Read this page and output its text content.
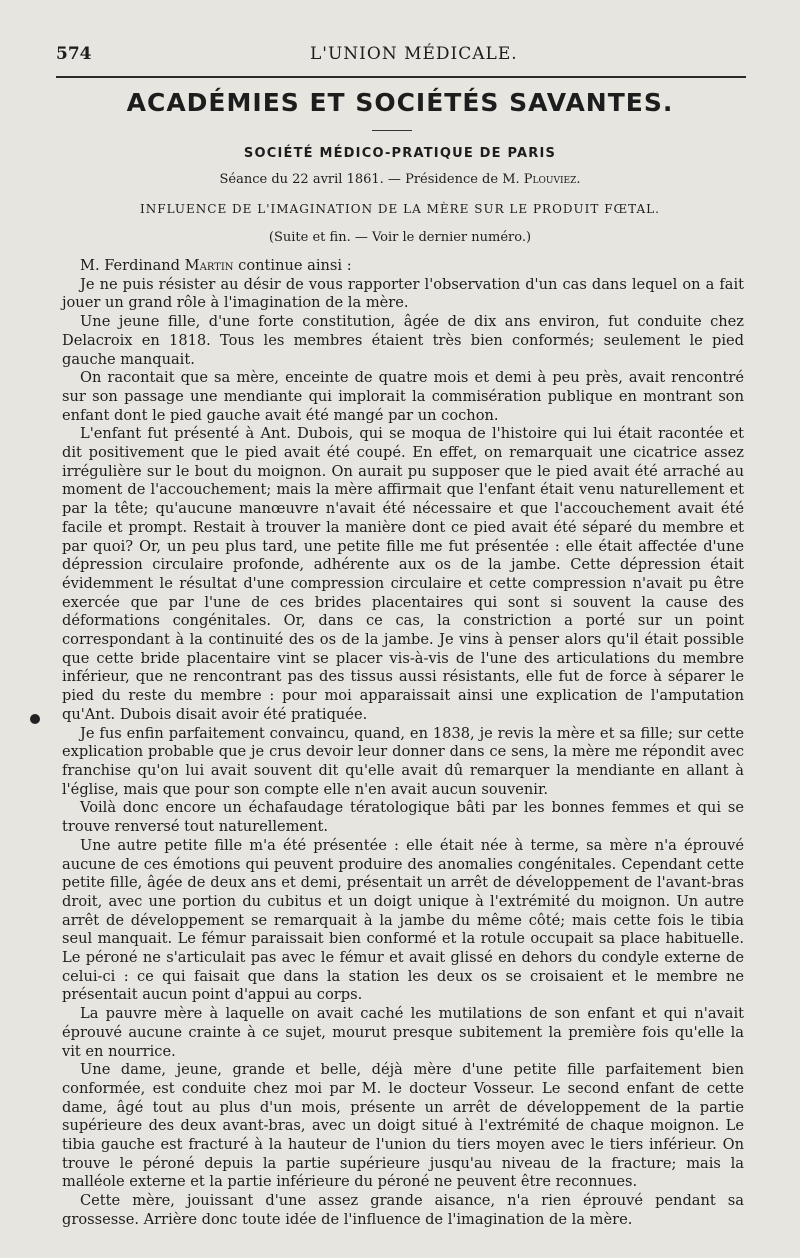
574	L'UNION MÉDICALE.
ACADÉMIES ET SOCIÉTÉS SAVANTES.
SOCIÉTÉ MÉDICO-PRATIQUE DE PARIS
Séance du 22 avril 1861. — Présidence de M. Plouviez.
INFLUENCE DE L'IMAGINATION DE LA MÈRE SUR LE PRODUIT FŒTAL.
(Suite et fin. — Voir le dernier numéro.)

M. Ferdinand Martin continue ainsi :

Je ne puis résister au désir de vous rapporter l'observation d'un cas dans lequel on a fait jouer un grand rôle à l'imagination de la mère.

Une jeune fille, d'une forte constitution, âgée de dix ans environ, fut conduite chez Delacroix en 1818. Tous les membres étaient très bien conformés; seulement le pied gauche manquait.

On racontait que sa mère, enceinte de quatre mois et demi à peu près, avait rencontré sur son passage une mendiante qui implorait la commisération publique en montrant son enfant dont le pied gauche avait été mangé par un cochon.

L'enfant fut présenté à Ant. Dubois, qui se moqua de l'histoire qui lui était racontée et dit positivement que le pied avait été coupé. En effet, on remarquait une cicatrice assez irrégulière sur le bout du moignon. On aurait pu supposer que le pied avait été arraché au moment de l'accouchement; mais la mère affirmait que l'enfant était venu naturellement et par la tête; qu'aucune manœuvre n'avait été nécessaire et que l'accouchement avait été facile et prompt. Restait à trouver la manière dont ce pied avait été séparé du membre et par quoi? Or, un peu plus tard, une petite fille me fut présentée : elle était affectée d'une dépression circulaire profonde, adhérente aux os de la jambe. Cette dépression était évidemment le résultat d'une compression circulaire et cette compression n'avait pu être exercée que par l'une de ces brides placentaires qui sont si souvent la cause des déformations congénitales. Or, dans ce cas, la constriction a porté sur un point correspondant à la continuité des os de la jambe. Je vins à penser alors qu'il était possible que cette bride placentaire vint se placer vis-à-vis de l'une des articulations du membre inférieur, que ne rencontrant pas des tissus aussi résistants, elle fut de force à séparer le pied du reste du membre : pour moi apparaissait ainsi une explication de l'amputation qu'Ant. Dubois disait avoir été pratiquée.

Je fus enfin parfaitement convaincu, quand, en 1838, je revis la mère et sa fille; sur cette explication probable que je crus devoir leur donner dans ce sens, la mère me répondit avec franchise qu'on lui avait souvent dit qu'elle avait dû remarquer la mendiante en allant à l'église, mais que pour son compte elle n'en avait aucun souvenir.

Voilà donc encore un échafaudage tératologique bâti par les bonnes femmes et qui se trouve renversé tout naturellement.

Une autre petite fille m'a été présentée : elle était née à terme, sa mère n'a éprouvé aucune de ces émotions qui peuvent produire des anomalies congénitales. Cependant cette petite fille, âgée de deux ans et demi, présentait un arrêt de développement de l'avant-bras droit, avec une portion du cubitus et un doigt unique à l'extrémité du moignon. Un autre arrêt de développement se remarquait à la jambe du même côté; mais cette fois le tibia seul manquait. Le fémur paraissait bien conformé et la rotule occupait sa place habituelle. Le péroné ne s'articulait pas avec le fémur et avait glissé en dehors du condyle externe de celui-ci : ce qui faisait que dans la station les deux os se croisaient et le membre ne présentait aucun point d'appui au corps.

La pauvre mère à laquelle on avait caché les mutilations de son enfant et qui n'avait éprouvé aucune crainte à ce sujet, mourut presque subitement la première fois qu'elle la vit en nourrice.

Une dame, jeune, grande et belle, déjà mère d'une petite fille parfaitement bien conformée, est conduite chez moi par M. le docteur Vosseur. Le second enfant de cette dame, âgé tout au plus d'un mois, présente un arrêt de développement de la partie supérieure des deux avant-bras, avec un doigt situé à l'extrémité de chaque moignon. Le tibia gauche est fracturé à la hauteur de l'union du tiers moyen avec le tiers inférieur. On trouve le péroné depuis la partie supérieure jusqu'au niveau de la fracture; mais la malléole externe et la partie inférieure du péroné ne peuvent être reconnues.

Cette mère, jouissant d'une assez grande aisance, n'a rien éprouvé pendant sa grossesse. Arrière donc toute idée de l'influence de l'imagination de la mère.
